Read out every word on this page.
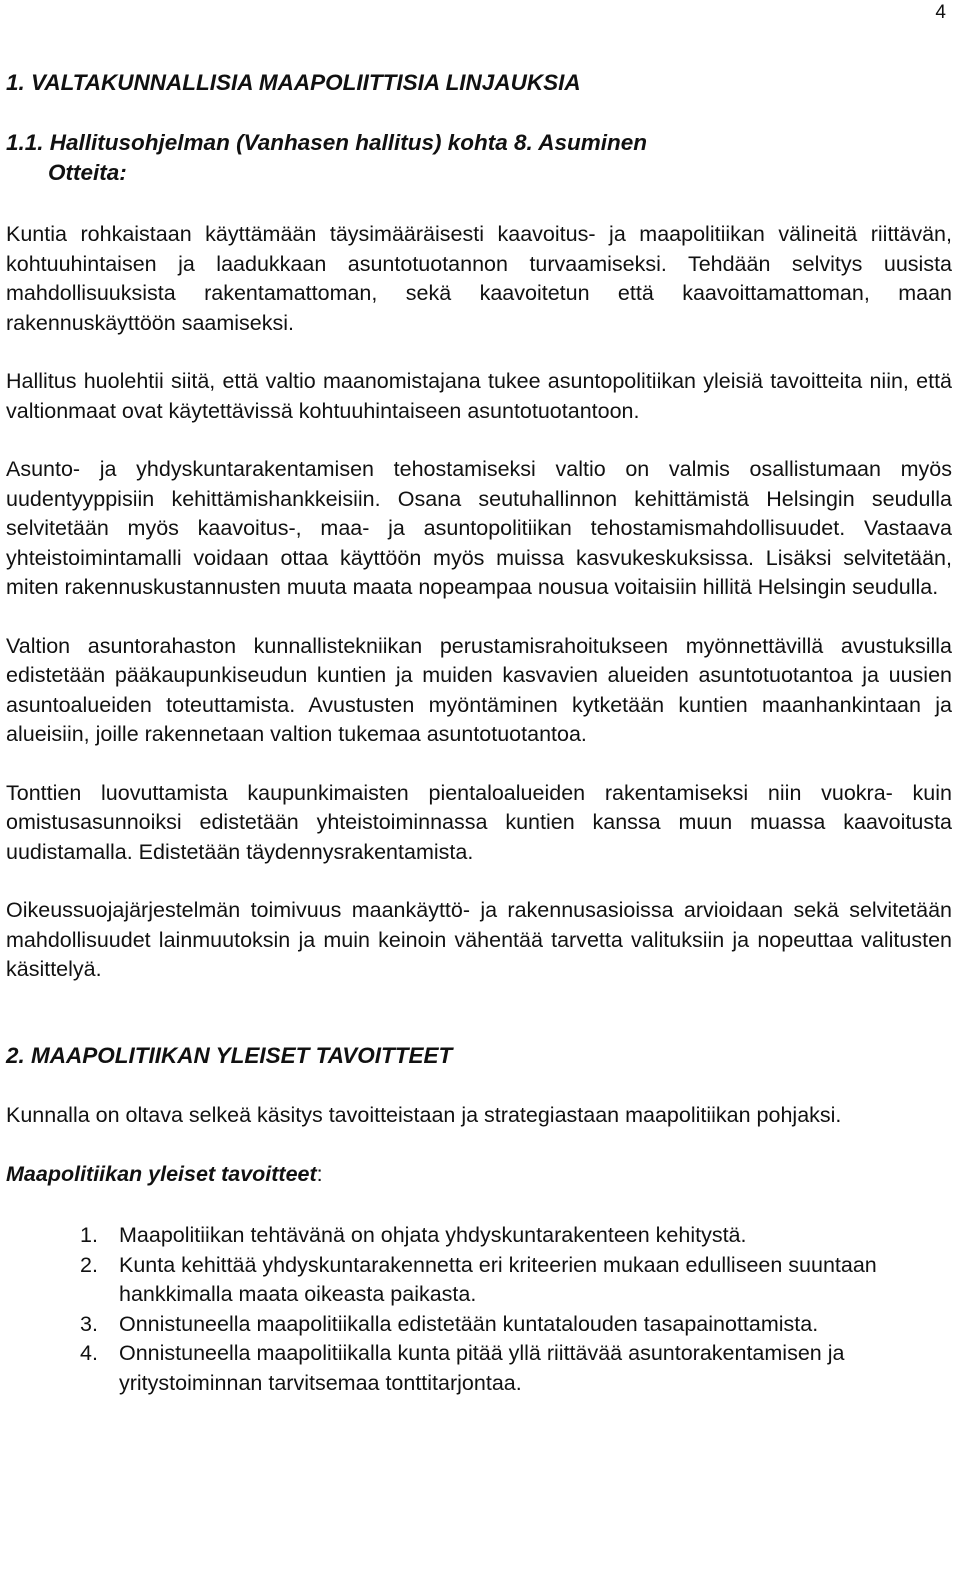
4
1. VALTAKUNNALLISIA MAAPOLIITTISIA LINJAUKSIA
1.1. Hallitusohjelman (Vanhasen hallitus) kohta 8. Asuminen
Otteita:

Kuntia rohkaistaan käyttämään täysimääräisesti kaavoitus- ja maapolitiikan välineitä riittävän, kohtuuhintaisen ja laadukkaan asuntotuotannon turvaamiseksi. Tehdään selvitys uusista mahdollisuuksista rakentamattoman, sekä kaavoitetun että kaavoittamattoman, maan rakennuskäyttöön saamiseksi.

Hallitus huolehtii siitä, että valtio maanomistajana tukee asuntopolitiikan yleisiä tavoitteita niin, että valtionmaat ovat käytettävissä kohtuuhintaiseen asuntotuotantoon.

Asunto- ja yhdyskuntarakentamisen tehostamiseksi valtio on valmis osallistumaan myös uudentyyppisiin kehittämishankkeisiin. Osana seutuhallinnon kehittämistä Helsingin seudulla selvitetään myös kaavoitus-, maa- ja asuntopolitiikan tehostamismahdollisuudet. Vastaava yhteistoimintamalli voidaan ottaa käyttöön myös muissa kasvukeskuksissa. Lisäksi selvitetään, miten rakennuskustannusten muuta maata nopeampaa nousua voitaisiin hillitä Helsingin seudulla.

Valtion asuntorahaston kunnallistekniikan perustamisrahoitukseen myönnettävillä avustuksilla edistetään pääkaupunkiseudun kuntien ja muiden kasvavien alueiden asuntotuotantoa ja uusien asuntoalueiden toteuttamista. Avustusten myöntäminen kytketään kuntien maanhankintaan ja alueisiin, joille rakennetaan valtion tukemaa asuntotuotantoa.

Tonttien luovuttamista kaupunkimaisten pientaloalueiden rakentamiseksi niin vuokra- kuin omistusasunnoiksi edistetään yhteistoiminnassa kuntien kanssa muun muassa kaavoitusta uudistamalla. Edistetään täydennysrakentamista.

Oikeussuojajärjestelmän toimivuus maankäyttö- ja rakennusasioissa arvioidaan sekä selvitetään mahdollisuudet lainmuutoksin ja muin keinoin vähentää tarvetta valituksiin ja nopeuttaa valitusten käsittelyä.

2. MAAPOLITIIKAN YLEISET TAVOITTEET

Kunnalla on oltava selkeä käsitys tavoitteistaan ja strategiastaan maapolitiikan pohjaksi.

Maapolitiikan yleiset tavoitteet:
1. Maapolitiikan tehtävänä on ohjata yhdyskuntarakenteen kehitystä.
2. Kunta kehittää yhdyskuntarakennetta eri kriteerien mukaan edulliseen suuntaan hankkimalla maata oikeasta paikasta.
3. Onnistuneella maapolitiikalla edistetään kuntatalouden tasapainottamista.
4. Onnistuneella maapolitiikalla kunta pitää yllä riittävää asuntorakentamisen ja yritystoiminnan tarvitsemaa tonttitarjontaa.
